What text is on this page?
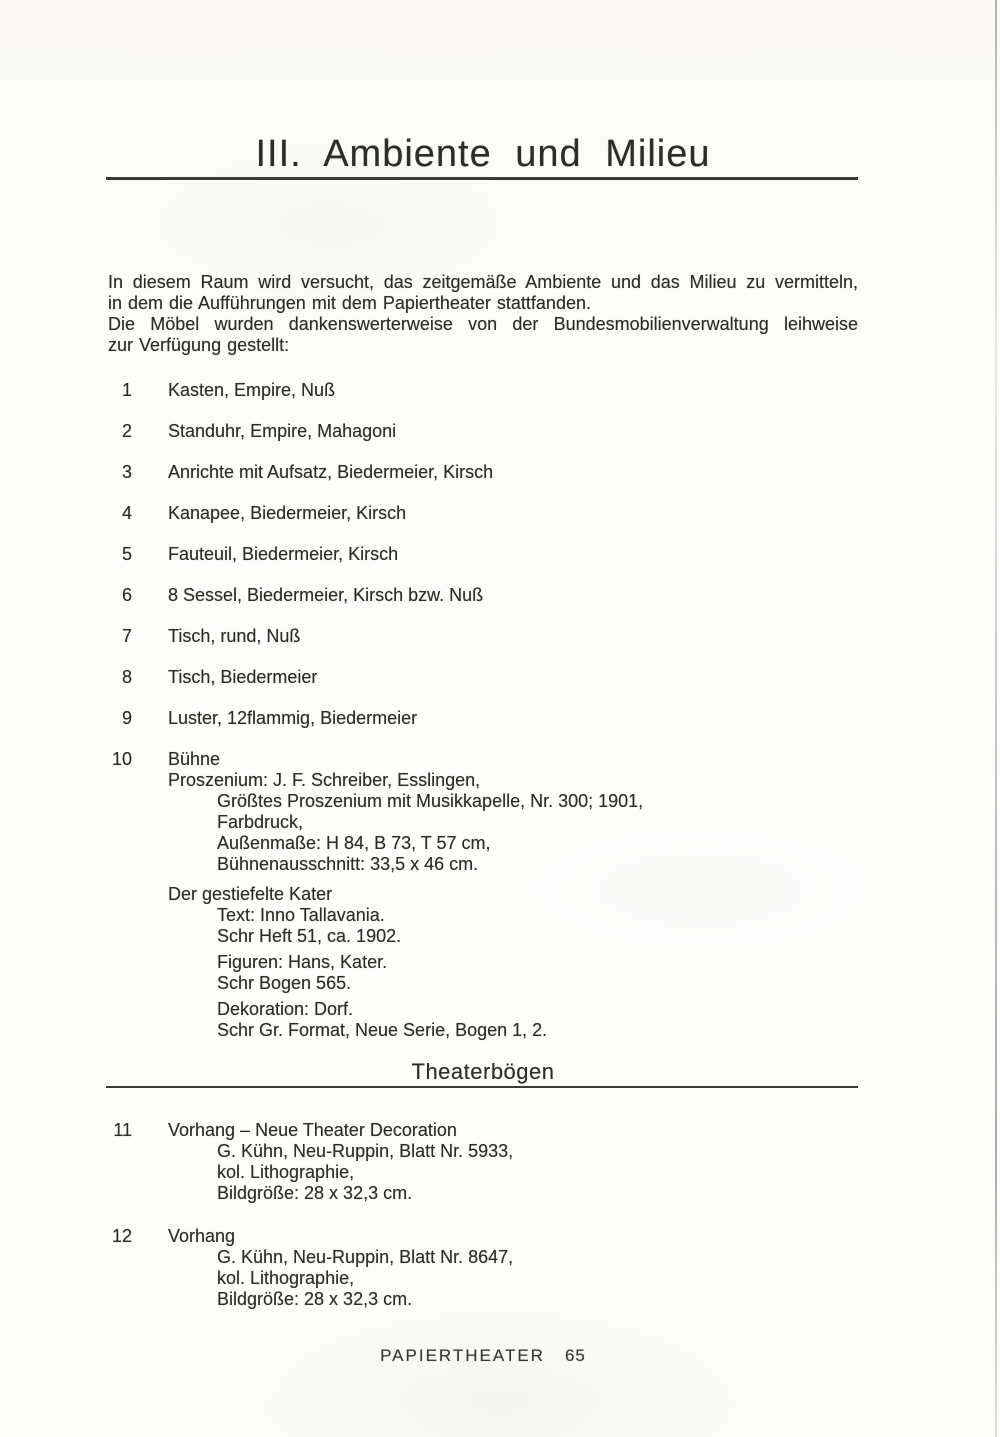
III. Ambiente und Milieu
In diesem Raum wird versucht, das zeitgemäße Ambiente und das Milieu zu vermitteln,
in dem die Aufführungen mit dem Papiertheater stattfanden.
Die Möbel wurden dankenswerterweise von der Bundesmobilienverwaltung leihweise
zur Verfügung gestellt:
1 Kasten, Empire, Nuß
2 Standuhr, Empire, Mahagoni
3 Anrichte mit Aufsatz, Biedermeier, Kirsch
4 Kanapee, Biedermeier, Kirsch
5 Fauteuil, Biedermeier, Kirsch
6 8 Sessel, Biedermeier, Kirsch bzw. Nuß
7 Tisch, rund, Nuß
8 Tisch, Biedermeier
9 Luster, 12flammig, Biedermeier
10 Bühne
Proszenium: J. F. Schreiber, Esslingen,
Größtes Proszenium mit Musikkapelle, Nr. 300; 1901,
Farbdruck,
Außenmaße: H 84, B 73, T 57 cm,
Bühnenausschnitt: 33,5 x 46 cm.
Der gestiefelte Kater
Text: Inno Tallavania.
Schr Heft 51, ca. 1902.
Figuren: Hans, Kater.
Schr Bogen 565.
Dekoration: Dorf.
Schr Gr. Format, Neue Serie, Bogen 1, 2.
Theaterbögen
11 Vorhang – Neue Theater Decoration
G. Kühn, Neu-Ruppin, Blatt Nr. 5933,
kol. Lithographie,
Bildgröße: 28 x 32,3 cm.
12 Vorhang
G. Kühn, Neu-Ruppin, Blatt Nr. 8647,
kol. Lithographie,
Bildgröße: 28 x 32,3 cm.
PAPIERTHEATER 65
